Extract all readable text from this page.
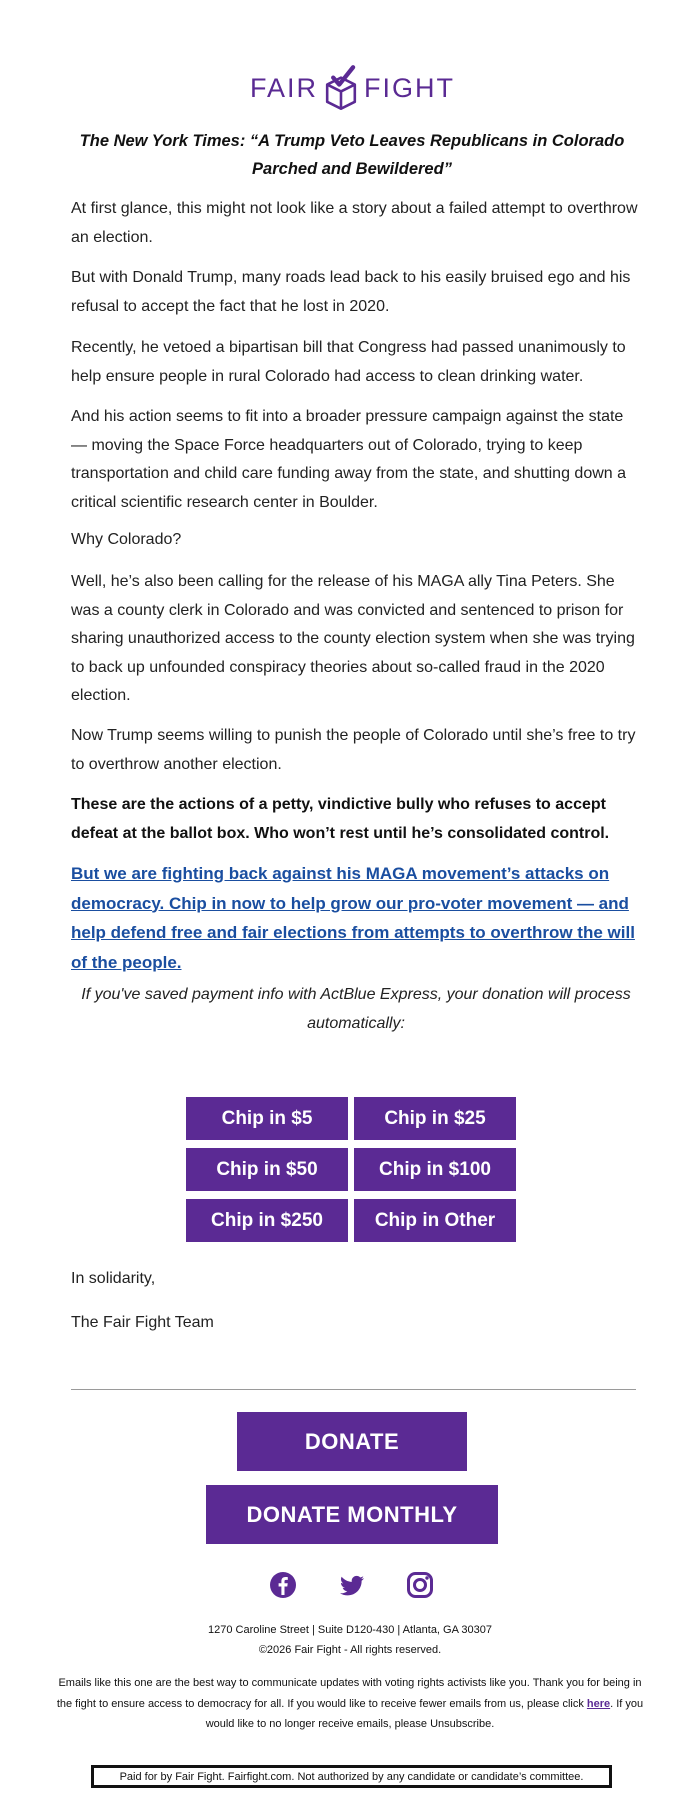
FAIR FIGHT

The New York Times: “A Trump Veto Leaves Republicans in Colorado Parched and Bewildered”

At first glance, this might not look like a story about a failed attempt to overthrow an election.

But with Donald Trump, many roads lead back to his easily bruised ego and his refusal to accept the fact that he lost in 2020.

Recently, he vetoed a bipartisan bill that Congress had passed unanimously to help ensure people in rural Colorado had access to clean drinking water.

And his action seems to fit into a broader pressure campaign against the state — moving the Space Force headquarters out of Colorado, trying to keep transportation and child care funding away from the state, and shutting down a critical scientific research center in Boulder.

Why Colorado?

Well, he’s also been calling for the release of his MAGA ally Tina Peters. She was a county clerk in Colorado and was convicted and sentenced to prison for sharing unauthorized access to the county election system when she was trying to back up unfounded conspiracy theories about so-called fraud in the 2020 election.

Now Trump seems willing to punish the people of Colorado until she’s free to try to overthrow another election.

These are the actions of a petty, vindictive bully who refuses to accept defeat at the ballot box. Who won’t rest until he’s consolidated control.

But we are fighting back against his MAGA movement’s attacks on democracy. Chip in now to help grow our pro-voter movement — and help defend free and fair elections from attempts to overthrow the will of the people.

If you've saved payment info with ActBlue Express, your donation will process automatically:

Chip in $5	Chip in $25
Chip in $50	Chip in $100
Chip in $250	Chip in Other

In solidarity,

The Fair Fight Team

DONATE
DONATE MONTHLY

1270 Caroline Street | Suite D120-430 | Atlanta, GA 30307

©2026 Fair Fight - All rights reserved.

Emails like this one are the best way to communicate updates with voting rights activists like you. Thank you for being in the fight to ensure access to democracy for all. If you would like to receive fewer emails from us, please click here. If you would like to no longer receive emails, please Unsubscribe.

Paid for by Fair Fight. Fairfight.com. Not authorized by any candidate or candidate’s committee.
